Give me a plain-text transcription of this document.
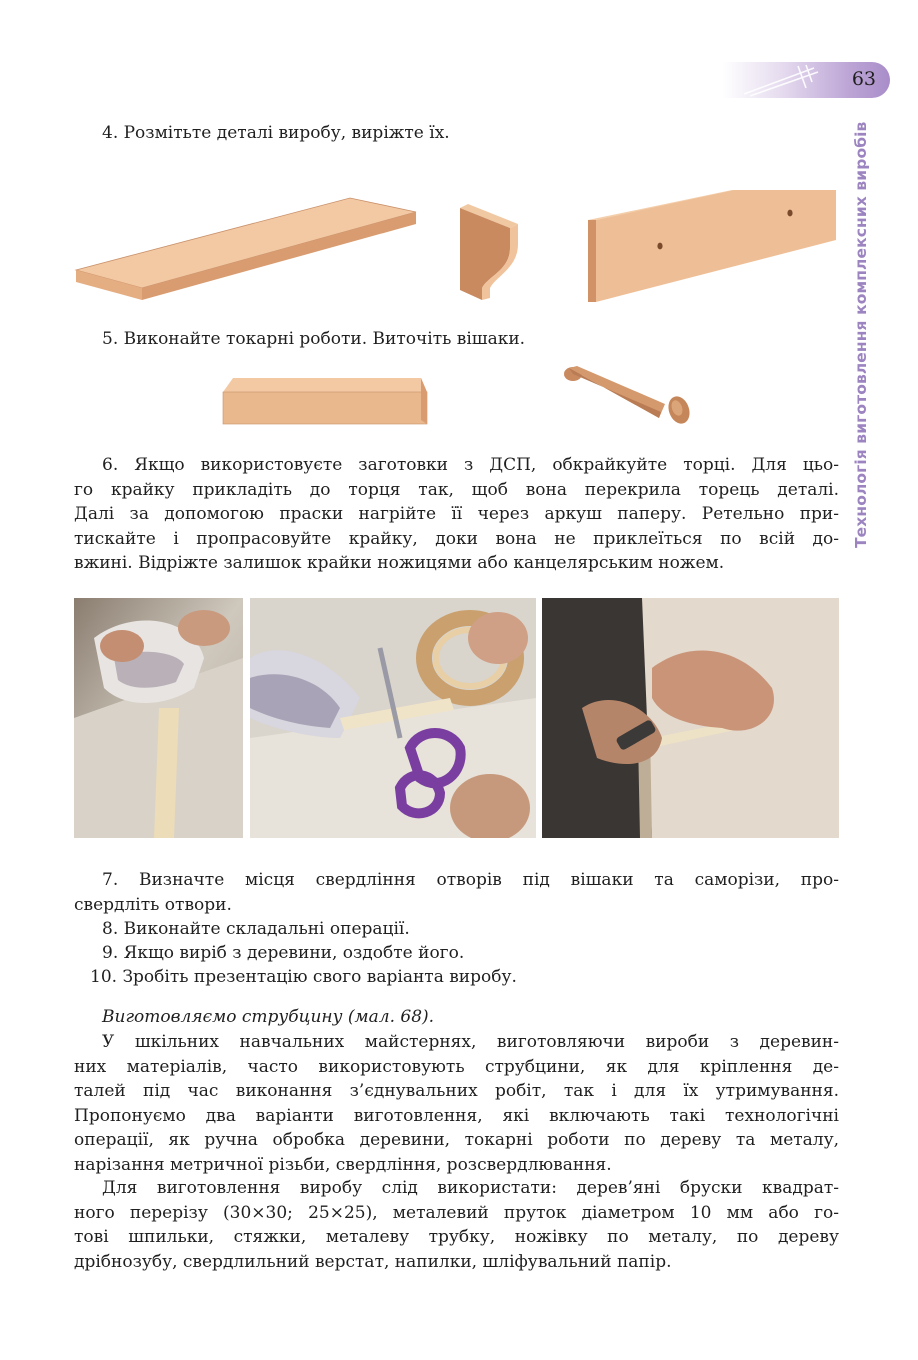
63
Технологія виготовлення комплексних виробів
4. Розмітьте деталі виробу, виріжте їх.
5. Виконайте токарні роботи. Виточіть вішаки.
6. Якщо використовуєте заготовки з ДСП, обкрайкуйте торці. Для цьо-
го крайку прикладіть до торця так, щоб вона перекрила торець деталі.
Далі за допомогою праски нагрійте її через аркуш паперу. Ретельно при-
тискайте і пропрасовуйте крайку, доки вона не приклеїться по всій до-
вжині. Відріжте залишок крайки ножицями або канцелярським ножем.
7. Визначте місця свердління отворів під вішаки та саморізи, про-
свердліть отвори.
8. Виконайте складальні операції.
9. Якщо виріб з деревини, оздобте його.
10. Зробіть презентацію свого варіанта виробу.
Виготовляємо струбцину (мал. 68).
У шкільних навчальних майстернях, виготовляючи вироби з деревин-
них матеріалів, часто використовують струбцини, як для кріплення де-
талей під час виконання з’єднувальних робіт, так і для їх утримування.
Пропонуємо два варіанти виготовлення, які включають такі технологічні
операції, як ручна обробка деревини, токарні роботи по дереву та металу,
нарізання метричної різьби, свердління, розсвердлювання.
Для виготовлення виробу слід використати: дерев’яні бруски квадрат-
ного перерізу (30×30; 25×25), металевий пруток діаметром 10 мм або го-
тові шпильки, стяжки, металеву трубку, ножівку по металу, по дереву
дрібнозубу, свердлильний верстат, напилки, шліфувальний папір.
